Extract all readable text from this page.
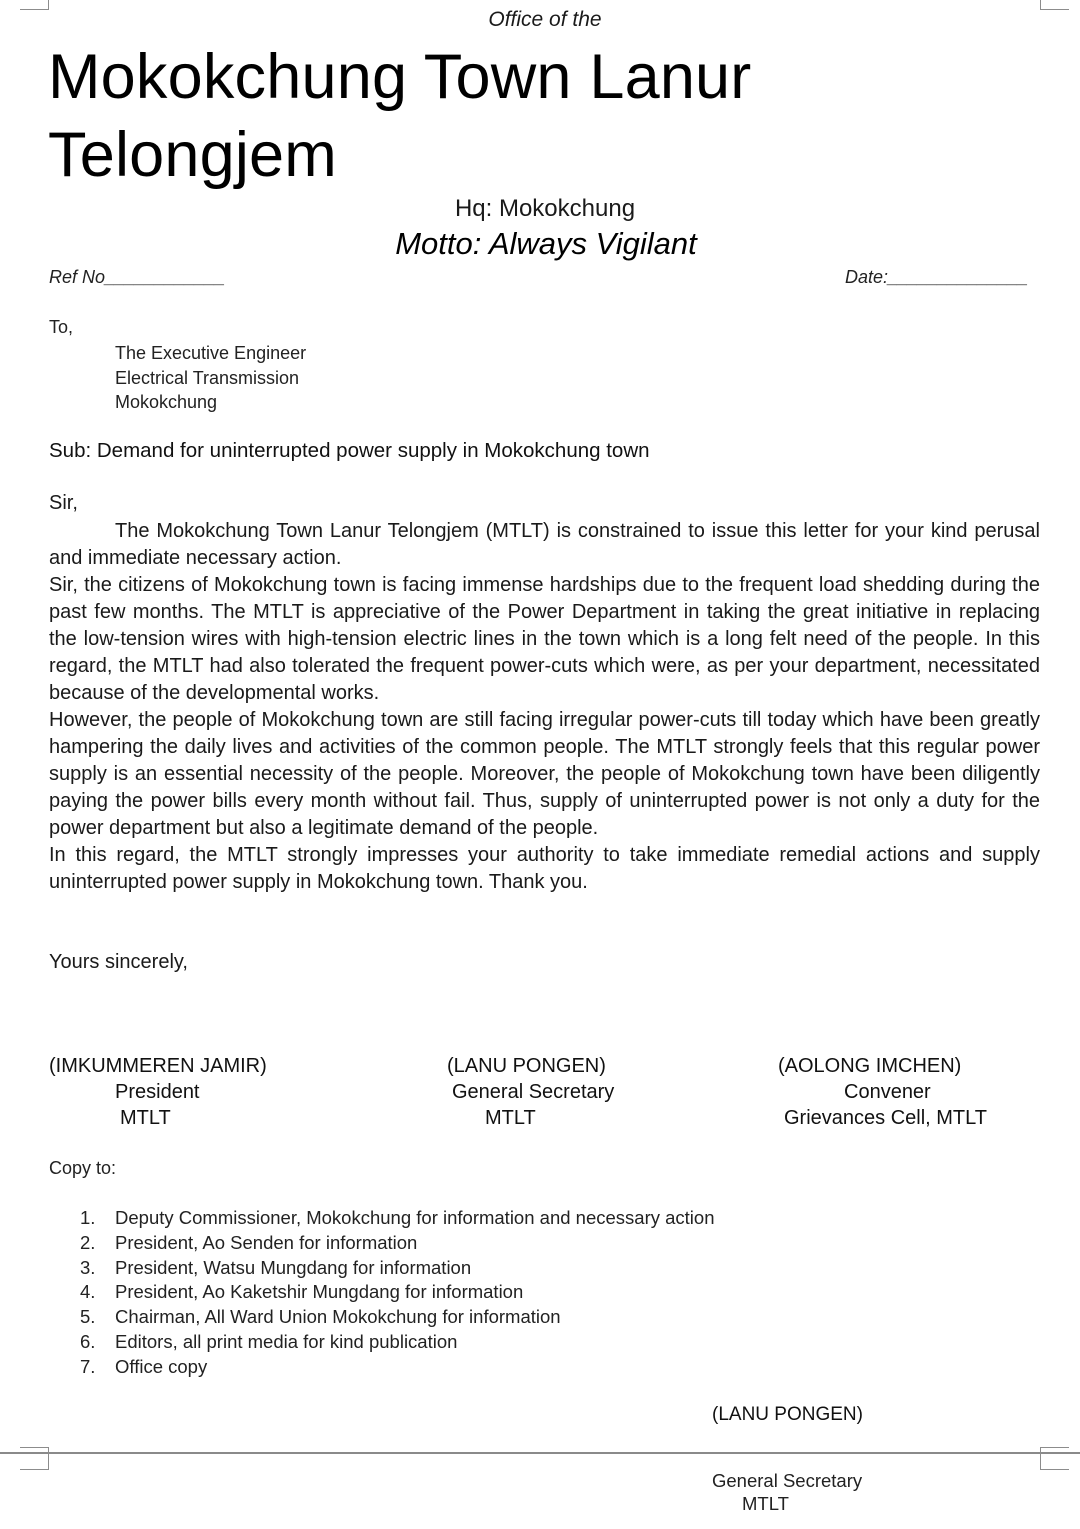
Office of the
Mokokchung Town Lanur
Telongjem
Hq: Mokokchung
Motto: Always Vigilant
Ref No____________	Date:______________
To,
The Executive Engineer
Electrical Transmission
Mokokchung
Sub: Demand for uninterrupted power supply in Mokokchung town
Sir,

The Mokokchung Town Lanur Telongjem (MTLT) is constrained to issue this letter for your kind perusal and immediate necessary action.

Sir, the citizens of Mokokchung town is facing immense hardships due to the frequent load shedding during the past few months. The MTLT is appreciative of the Power Department in taking the great initiative in replacing the low-tension wires with high-tension electric lines in the town which is a long felt need of the people. In this regard, the MTLT had also tolerated the frequent power-cuts which were, as per your department, necessitated because of the developmental works.

However, the people of Mokokchung town are still facing irregular power-cuts till today which have been greatly hampering the daily lives and activities of the common people. The MTLT strongly feels that this regular power supply is an essential necessity of the people. Moreover, the people of Mokokchung town have been diligently paying the power bills every month without fail. Thus, supply of uninterrupted power is not only a duty for the power department but also a legitimate demand of the people.

In this regard, the MTLT strongly impresses your authority to take immediate remedial actions and supply uninterrupted power supply in Mokokchung town. Thank you.

Yours sincerely,
(IMKUMMEREN JAMIR)
President
MTLT
(LANU PONGEN)
General Secretary
MTLT
(AOLONG IMCHEN)
Convener
Grievances Cell, MTLT
Copy to:
1.	Deputy Commissioner, Mokokchung for information and necessary action
2.	President, Ao Senden for information
3.	President, Watsu Mungdang for information
4.	President, Ao Kaketshir Mungdang for information
5.	Chairman, All Ward Union Mokokchung for information
6.	Editors, all print media for kind publication
7.	Office copy
(LANU PONGEN)
General Secretary
MTLT
